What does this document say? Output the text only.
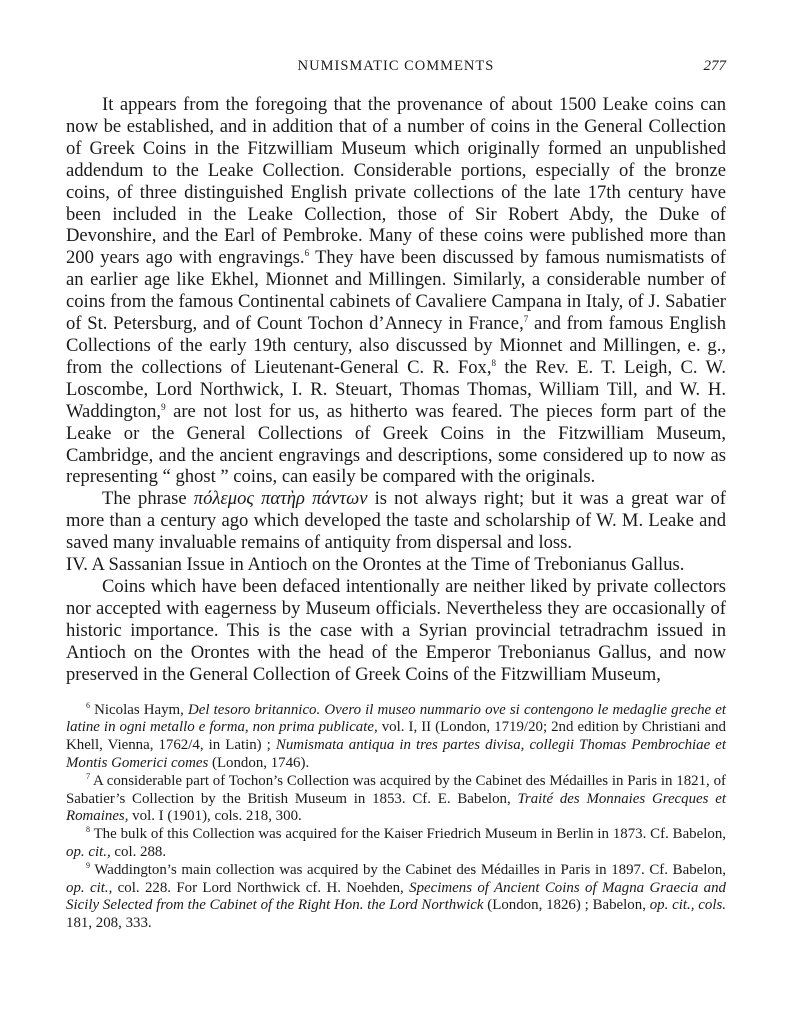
NUMISMATIC COMMENTS	277

It appears from the foregoing that the provenance of about 1500 Leake coins can now be established, and in addition that of a number of coins in the General Collection of Greek Coins in the Fitzwilliam Museum which originally formed an unpublished addendum to the Leake Collection. Considerable portions, especially of the bronze coins, of three distinguished English private collections of the late 17th century have been included in the Leake Collection, those of Sir Robert Abdy, the Duke of Devonshire, and the Earl of Pembroke. Many of these coins were published more than 200 years ago with engravings.$^6$ They have been discussed by famous numismatists of an earlier age like Ekhel, Mionnet and Millingen. Similarly, a considerable number of coins from the famous Continental cabinets of Cavaliere Campana in Italy, of J. Sabatier of St. Petersburg, and of Count Tochon d’Annecy in France,$^7$ and from famous English Collections of the early 19th century, also discussed by Mionnet and Millingen, e. g., from the collections of Lieutenant-General C. R. Fox,$^8$ the Rev. E. T. Leigh, C. W. Loscombe, Lord Northwick, I. R. Steuart, Thomas Thomas, William Till, and W. H. Waddington,$^9$ are not lost for us, as hitherto was feared. The pieces form part of the Leake or the General Collections of Greek Coins in the Fitzwilliam Museum, Cambridge, and the ancient engravings and descriptions, some considered up to now as representing “ ghost ” coins, can easily be compared with the originals.

The phrase πόλεμος πατὴρ πάντων is not always right; but it was a great war of more than a century ago which developed the taste and scholarship of W. M. Leake and saved many invaluable remains of antiquity from dispersal and loss.

IV. A Sassanian Issue in Antioch on the Orontes at the Time of Trebonianus Gallus.

Coins which have been defaced intentionally are neither liked by private collectors nor accepted with eagerness by Museum officials. Nevertheless they are occasionally of historic importance. This is the case with a Syrian provincial tetradrachm issued in Antioch on the Orontes with the head of the Emperor Trebonianus Gallus, and now preserved in the General Collection of Greek Coins of the Fitzwilliam Museum,

$^6$ Nicolas Haym, Del tesoro britannico. Overo il museo nummario ove si contengono le medaglie greche et latine in ogni metallo e forma, non prima publicate, vol. I, II (London, 1719/20; 2nd edition by Christiani and Khell, Vienna, 1762/4, in Latin) ; Numismata antiqua in tres partes divisa, collegii Thomas Pembrochiae et Montis Gomerici comes (London, 1746).

$^7$ A considerable part of Tochon’s Collection was acquired by the Cabinet des Médailles in Paris in 1821, of Sabatier’s Collection by the British Museum in 1853. Cf. E. Babelon, Traité des Monnaies Grecques et Romaines, vol. I (1901), cols. 218, 300.

$^8$ The bulk of this Collection was acquired for the Kaiser Friedrich Museum in Berlin in 1873. Cf. Babelon, op. cit., col. 288.

$^9$ Waddington’s main collection was acquired by the Cabinet des Médailles in Paris in 1897. Cf. Babelon, op. cit., col. 228. For Lord Northwick cf. H. Noehden, Specimens of Ancient Coins of Magna Graecia and Sicily Selected from the Cabinet of the Right Hon. the Lord Northwick (London, 1826) ; Babelon, op. cit., cols. 181, 208, 333.
